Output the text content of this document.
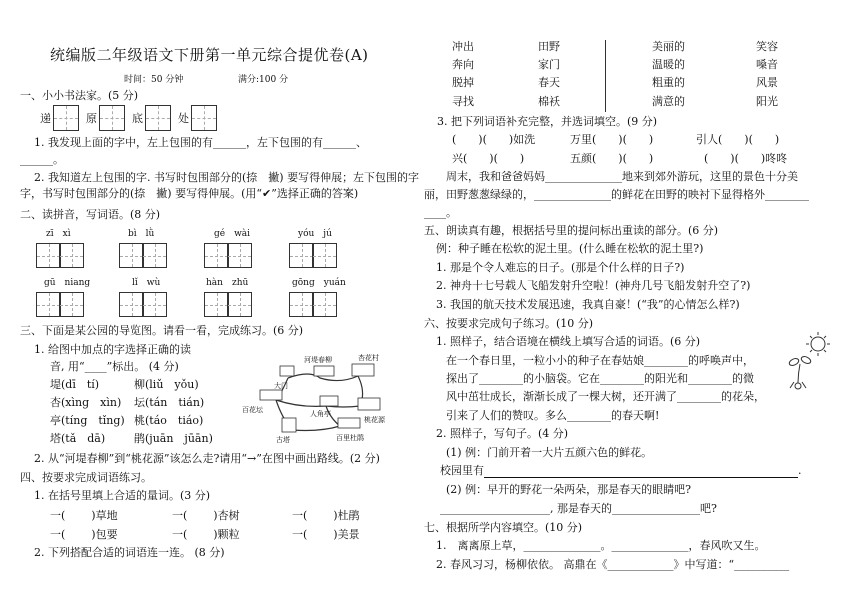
统编版二年级语文下册第一单元综合提优卷(A)
时间：50 分钟	满分:100 分
一、小小书法家。(5 分)
递	原	底	处
1. 我发现上面的字中，左上包围的有______，左下包围的有______、
______。
2. 我知道左上包围的字. 书写时包围部分的(捺　撇) 要写得伸展；左下包围的字
字，书写时包围部分的(捺　撇) 要写得伸展。(用“✔”选择正确的答案)
二、读拼音，写词语。(8 分)
zī　xì	bì　lǜ	gé　wài	yóu　jú
gū　niang	lǐ　wù	hàn　zhū	gōng　yuán
三、下面是某公园的导览图。请看一看，完成练习。(6 分)
1. 给图中加点的字选择正确的读
音, 用“____”标出。 (4 分)
堤(dī　tí)	柳(liǔ　yǒu)
杏(xìng　xìn) 坛(tán　tián)
亭(tíng　tǐng) 桃(táo　tiáo)
塔(tǎ　dā)	鹃(juān　jūān)
大门
河堤春柳	杏花村
百花坛	人角亭
桃花源
古塔	百里杜鹃
2. 从“河堤春柳”到“桃花源”该怎么走?请用“→”在图中画出路线。(2 分)
四、按要求完成词语练习。
1. 在括号里填上合适的量词。(3 分)
一( )草地	一( )杏树	一( )杜鹃
一( )包要	一( )颗粒	一( )美景
2. 下列搭配合适的词语连一连。 (8 分)
冲出	田野
奔向	家门
脱掉	春天
寻找	棉袄
美丽的	笑容
温暖的	嗓音
粗重的	风景
满意的	阳光
3. 把下列词语补充完整，并选词填空。(9 分)
(　　)(　　)如洗	万里(　　)(　　)	引人(　　)(　　)
兴(　　)(　　)	五颜(　　)(　　)	(　　)(　　)咚咚
周末，我和爸爸妈妈______________地来到郊外游玩，这里的景色十分美
丽，田野葱葱绿绿的，______________的鲜花在田野的映衬下显得格外________
____。
五、朗读真有趣，根据括号里的提问标出重读的部分。(6 分)
例：种子睡在松软的泥土里。(什么睡在松软的泥土里?)
1. 那是个令人难忘的日子。(那是个什么样的日子?)
2. 神舟十七号载人飞船发射升空啦！(神舟几号飞船发射升空了?)
3. 我国的航天技术发展迅速，我真自豪！(“我”的心情怎么样?)
六、按要求完成句子练习。(10 分)
1. 照样子，结合语境在横线上填写合适的词语。(6 分)
在一个春日里，一粒小小的种子在春姑娘________的呼唤声中，
探出了________的小脑袋。它在________的阳光和________的微
风中茁壮成长，渐渐长成了一棵大树，还开满了________的花朵，
引来了人们的赞叹。多么________的春天啊!
2. 照样子，写句子。(4 分)
(1) 例：门前开着一大片五颜六色的鲜花。
校园里有	.
(2) 例：早开的野花一朵两朵，那是春天的眼睛吧?
____________________, 那是春天的________________吧?
七、根据所学内容填空。(10 分)
1.　离离原上草，______________。______________，春风吹又生。
2. 春风习习，杨柳依依。 高鼎在《____________》中写道：“__________
